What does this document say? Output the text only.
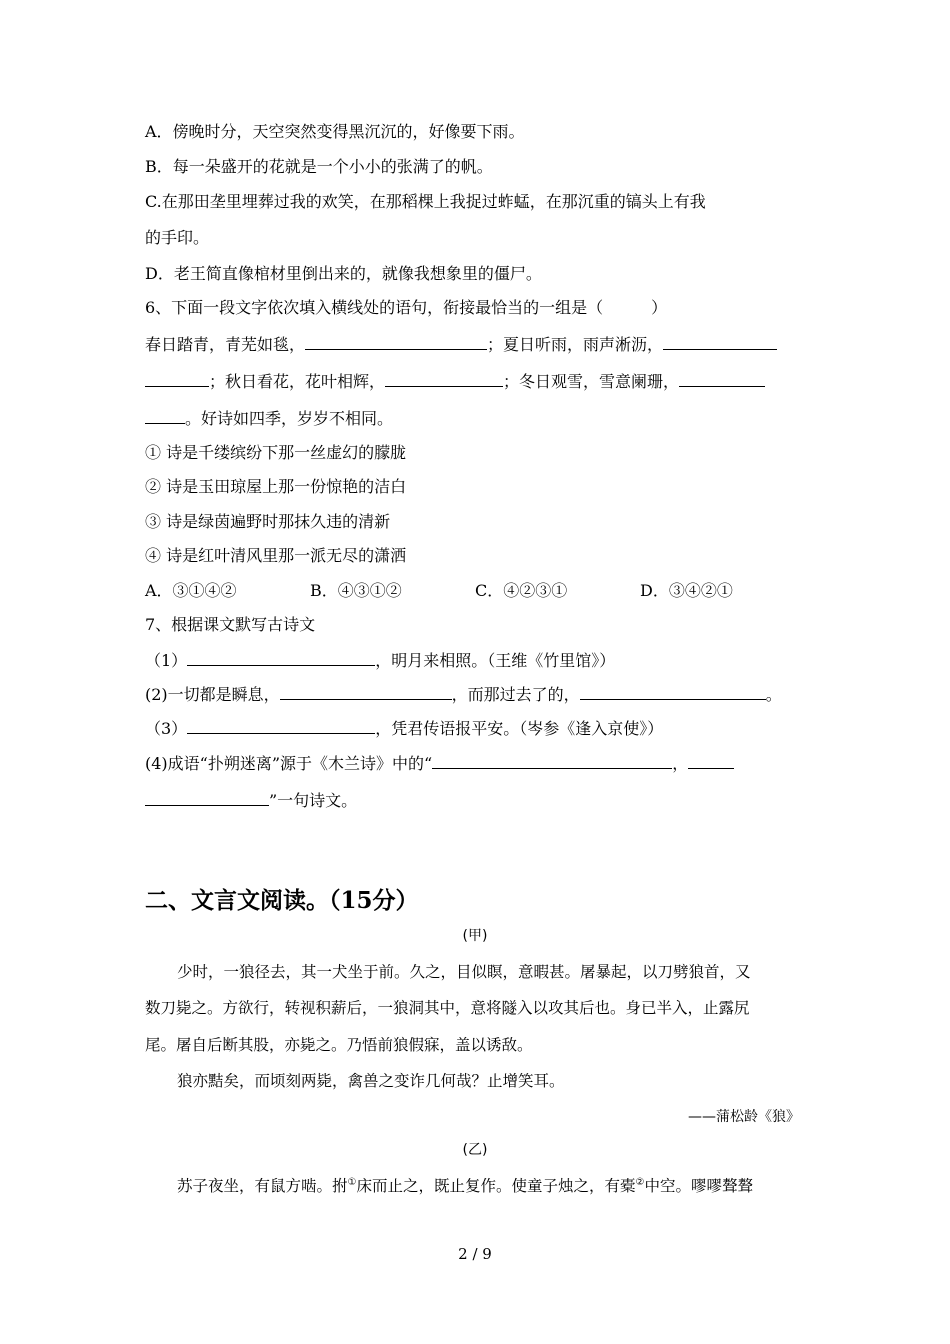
A．傍晚时分，天空突然变得黑沉沉的，好像要下雨。
B．每一朵盛开的花就是一个小小的张满了的帆。
C.在那田垄里埋葬过我的欢笑，在那稻棵上我捉过蚱蜢，在那沉重的镐头上有我
的手印。
D．老王简直像棺材里倒出来的，就像我想象里的僵尸。
6、下面一段文字依次填入横线处的语句，衔接最恰当的一组是（　　　）
春日踏青，青芜如毯，	；夏日听雨，雨声淅沥，
；秋日看花，花叶相辉，	；冬日观雪，雪意阑珊，
。好诗如四季，岁岁不相同。
① 诗是千缕缤纷下那一丝虚幻的朦胧
② 诗是玉田琼屋上那一份惊艳的洁白
③ 诗是绿茵遍野时那抹久违的清新
④ 诗是红叶清风里那一派无尽的潇洒
A．③①④②	B．④③①②	C．④②③①	D．③④②①
7、根据课文默写古诗文
（1）	，明月来相照。（王维《竹里馆》）
(2)一切都是瞬息，	，而那过去了的，	。
（3）	，凭君传语报平安。（岑参《逢入京使》）
(4)成语“扑朔迷离”源于《木兰诗》中的“	，
”一句诗文。
二、文言文阅读。（15分）
(甲)
少时，一狼径去，其一犬坐于前。久之，目似瞑，意暇甚。屠暴起，以刀劈狼首，又
数刀毙之。方欲行，转视积薪后，一狼洞其中，意将隧入以攻其后也。身已半入，止露尻
尾。屠自后断其股，亦毙之。乃悟前狼假寐，盖以诱敌。
狼亦黠矣，而顷刻两毙，禽兽之变诈几何哉？止增笑耳。
——蒲松龄《狼》
(乙)
苏子夜坐，有鼠方啮。拊①床而止之，既止复作。使童子烛之，有橐②中空。嘐嘐聱聱
2 / 9
